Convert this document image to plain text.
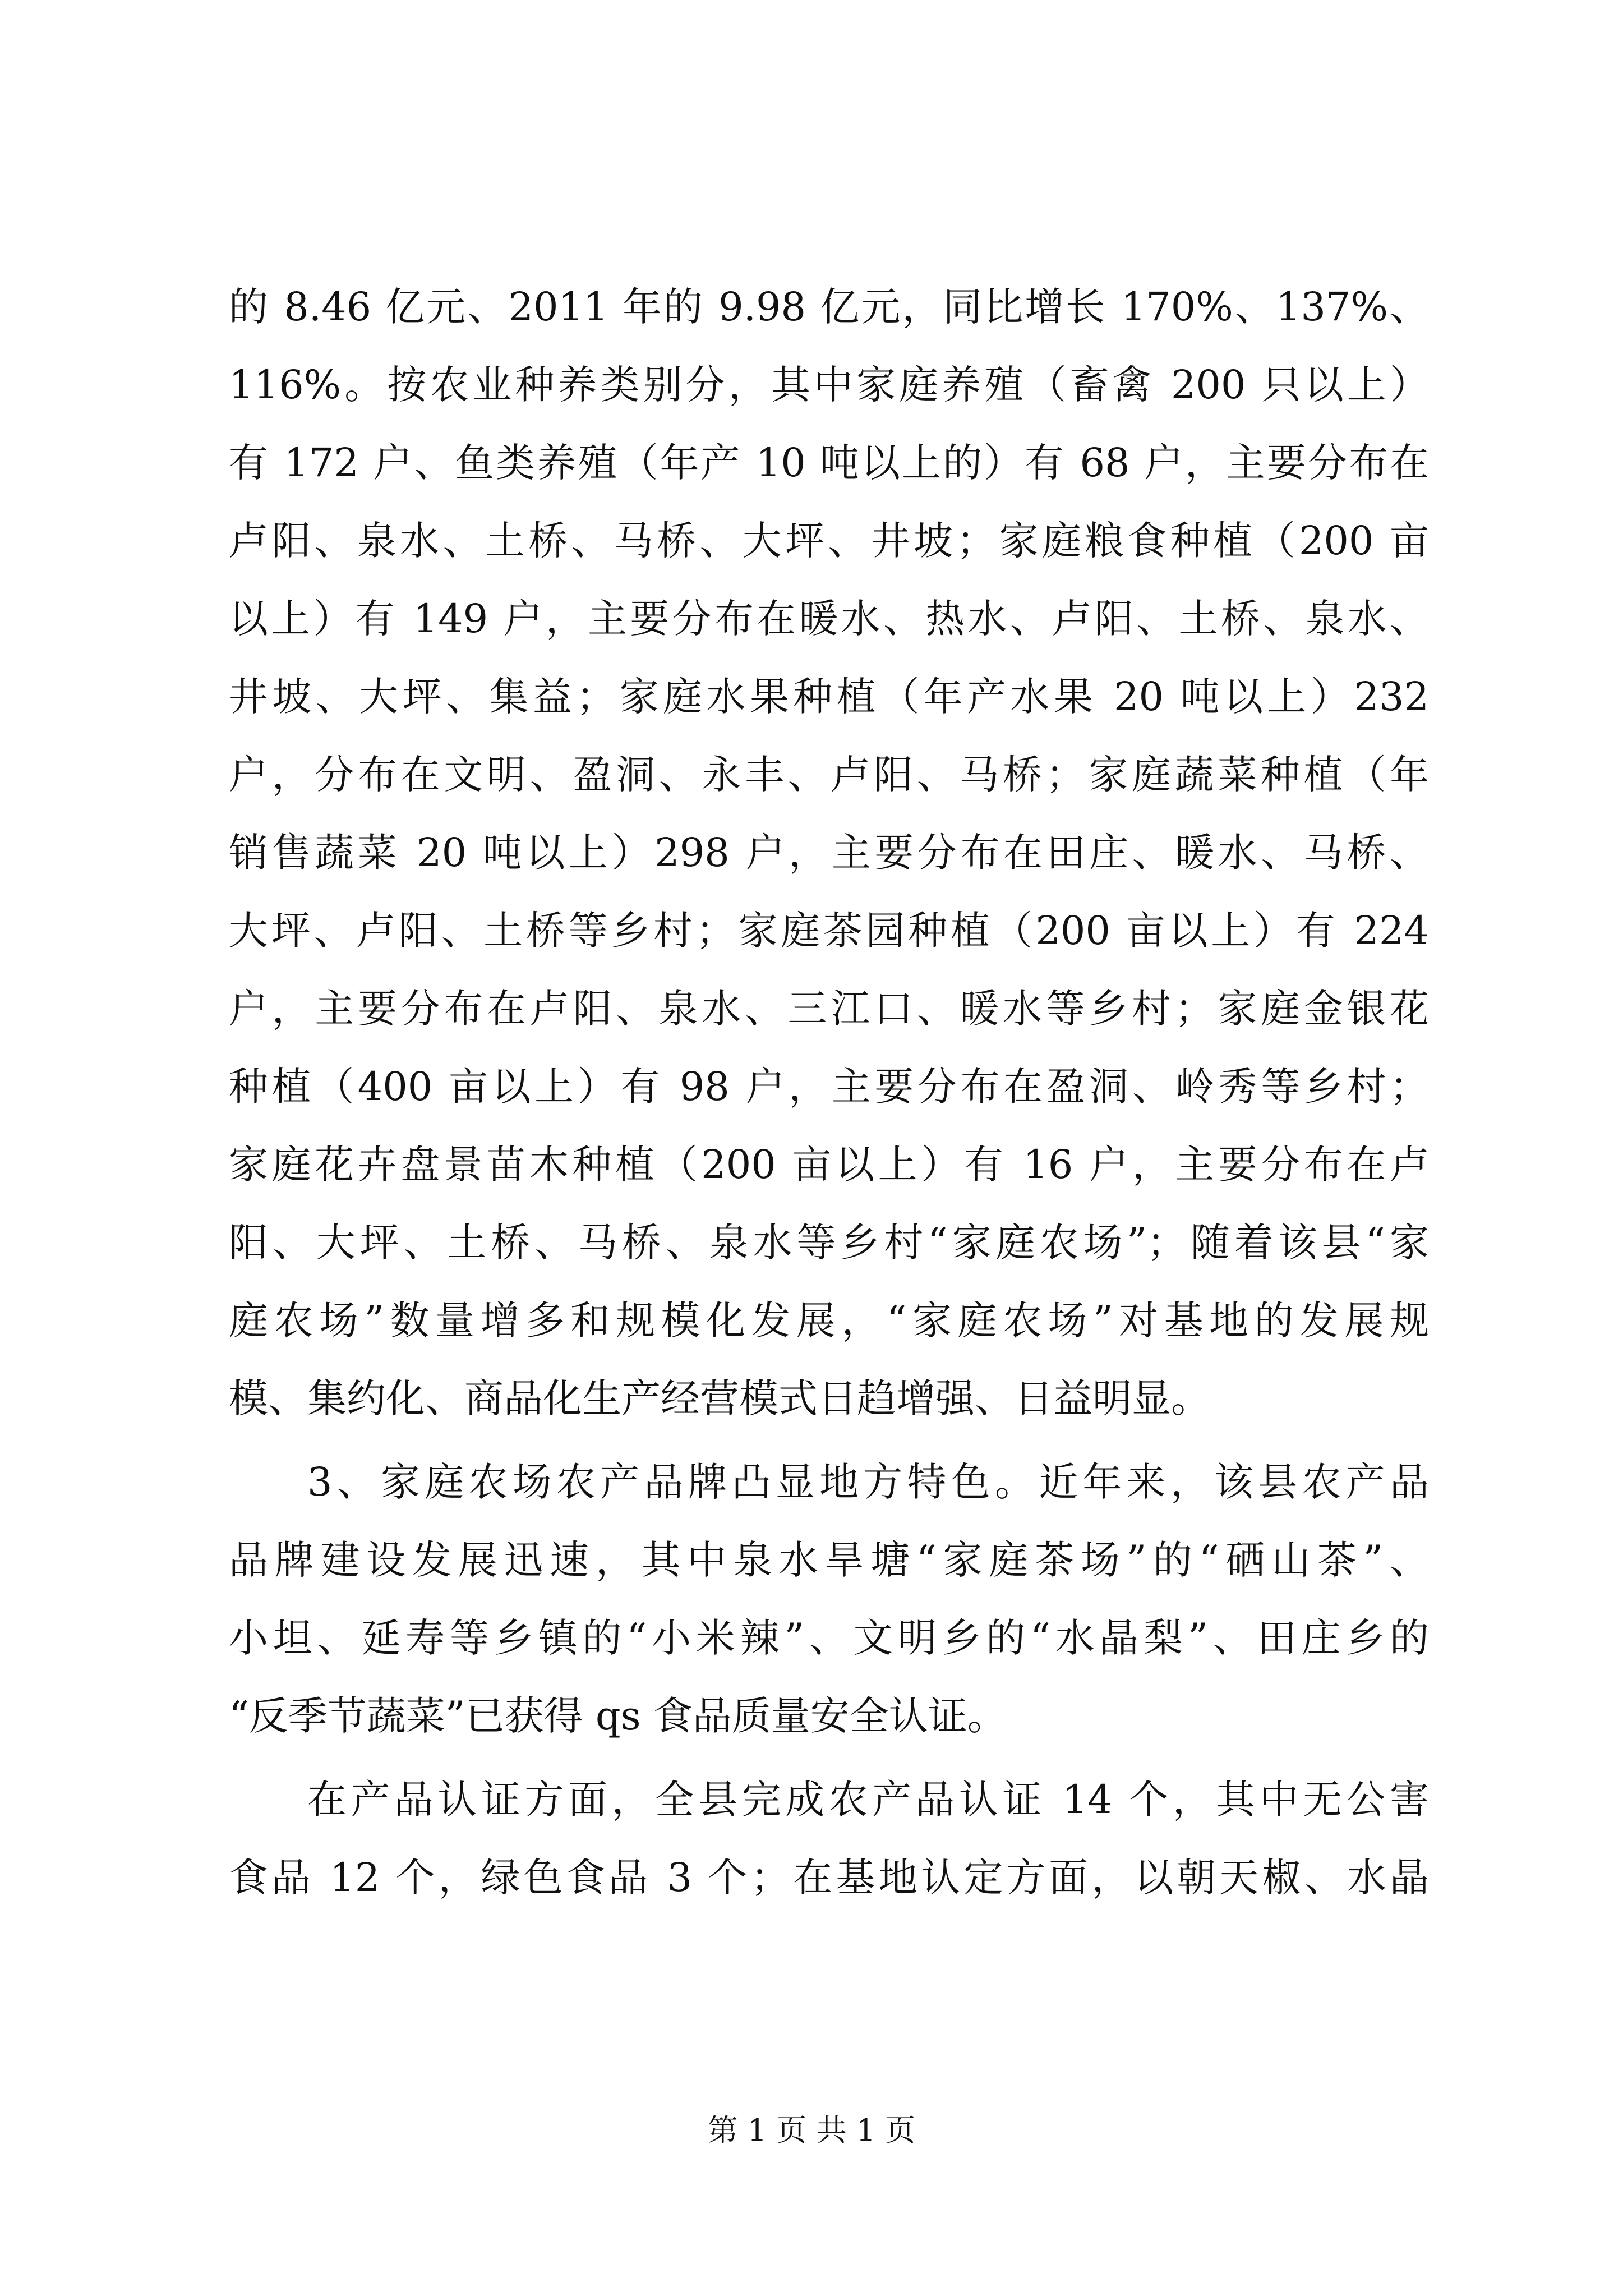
的 8.46 亿元、2011 年的 9.98 亿元，同比增长 170%、137%、
116%。按农业种养类别分，其中家庭养殖（畜禽 200 只以上）
有 172 户、鱼类养殖（年产 10 吨以上的）有 68 户，主要分布在
卢阳、泉水、土桥、马桥、大坪、井坡；家庭粮食种植（200 亩
以上）有 149 户，主要分布在暖水、热水、卢阳、土桥、泉水、
井坡、大坪、集益；家庭水果种植（年产水果 20 吨以上）232
户，分布在文明、盈洞、永丰、卢阳、马桥；家庭蔬菜种植（年
销售蔬菜 20 吨以上）298 户，主要分布在田庄、暖水、马桥、
大坪、卢阳、土桥等乡村；家庭茶园种植（200 亩以上）有 224
户，主要分布在卢阳、泉水、三江口、暖水等乡村；家庭金银花
种植（400 亩以上）有 98 户，主要分布在盈洞、岭秀等乡村；
家庭花卉盘景苗木种植（200 亩以上）有 16 户，主要分布在卢
阳、大坪、土桥、马桥、泉水等乡村“家庭农场”；随着该县“家
庭农场”数量增多和规模化发展，“家庭农场”对基地的发展规
模、集约化、商品化生产经营模式日趋增强、日益明显。
3、家庭农场农产品牌凸显地方特色。近年来，该县农产品
品牌建设发展迅速，其中泉水旱塘“家庭茶场”的“硒山茶”、
小坦、延寿等乡镇的“小米辣”、文明乡的“水晶梨”、田庄乡的
“反季节蔬菜”已获得 qs 食品质量安全认证。
在产品认证方面，全县完成农产品认证 14 个，其中无公害
食品 12 个，绿色食品 3 个；在基地认定方面，以朝天椒、水晶
第 1 页 共 1 页
